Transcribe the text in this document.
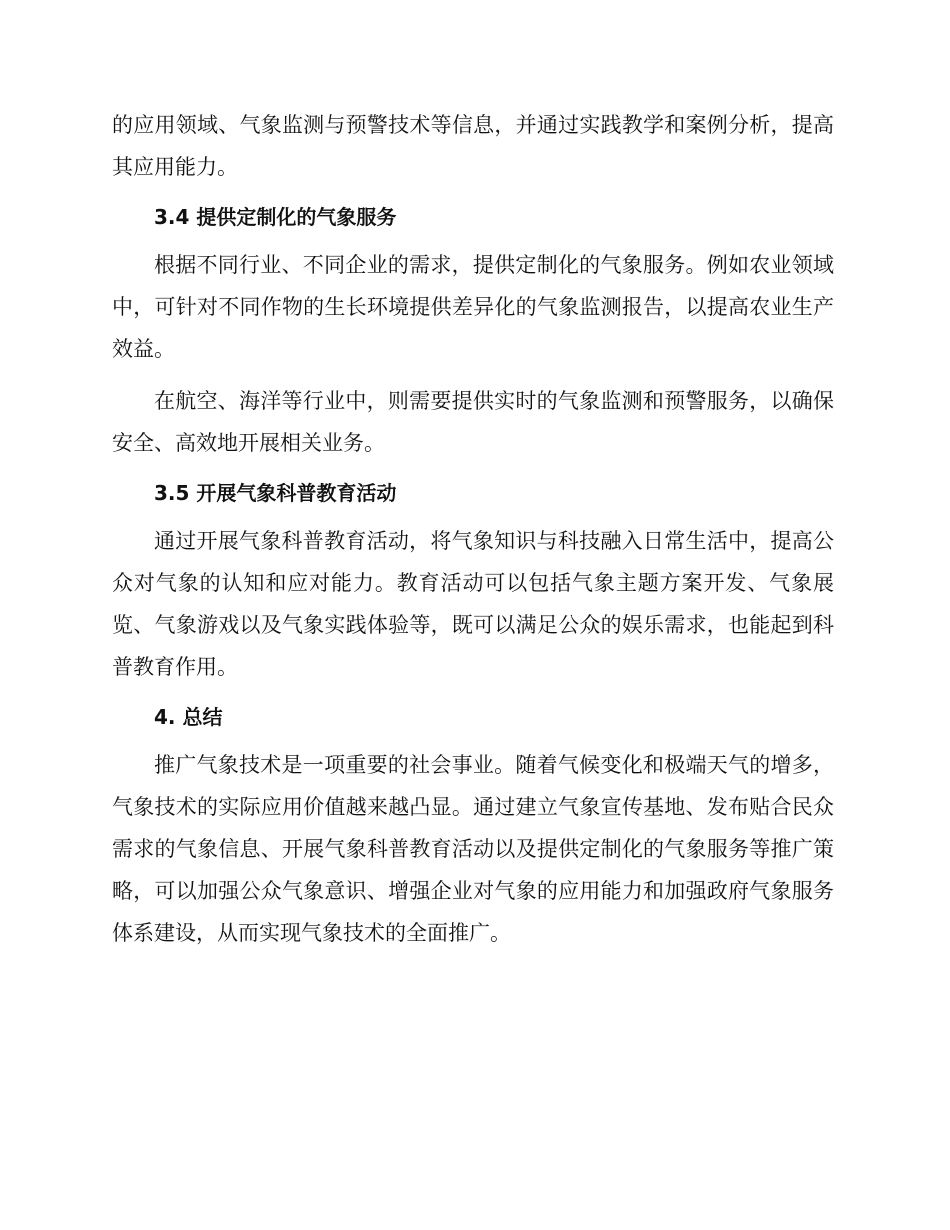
的应用领域、气象监测与预警技术等信息，并通过实践教学和案例分析，提高其应用能力。

3.4 提供定制化的气象服务

根据不同行业、不同企业的需求，提供定制化的气象服务。例如农业领域中，可针对不同作物的生长环境提供差异化的气象监测报告，以提高农业生产效益。

在航空、海洋等行业中，则需要提供实时的气象监测和预警服务，以确保安全、高效地开展相关业务。

3.5 开展气象科普教育活动

通过开展气象科普教育活动，将气象知识与科技融入日常生活中，提高公众对气象的认知和应对能力。教育活动可以包括气象主题方案开发、气象展览、气象游戏以及气象实践体验等，既可以满足公众的娱乐需求，也能起到科普教育作用。

4. 总结

推广气象技术是一项重要的社会事业。随着气候变化和极端天气的增多，气象技术的实际应用价值越来越凸显。通过建立气象宣传基地、发布贴合民众需求的气象信息、开展气象科普教育活动以及提供定制化的气象服务等推广策略，可以加强公众气象意识、增强企业对气象的应用能力和加强政府气象服务体系建设，从而实现气象技术的全面推广。
